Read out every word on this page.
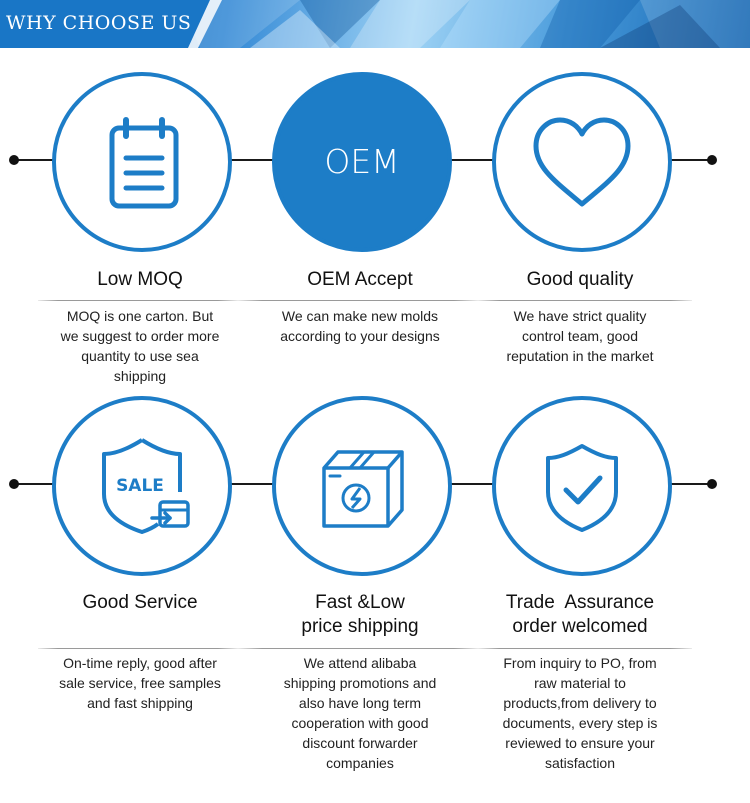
WHY CHOOSE US
Low MOQ
MOQ is one carton. But
we suggest to order more
quantity to use sea
shipping
OEM
OEM Accept
We can make new molds
according to your designs
Good quality
We have strict quality
control team, good
reputation in the market
SALE
Good Service
On-time reply, good after
sale service, free samples
and fast shipping
Fast &Low
price shipping
We attend alibaba
shipping promotions and
also have long term
cooperation with good
discount forwarder
companies
Trade  Assurance
order welcomed
From inquiry to PO, from
raw material to
products,from delivery to
documents, every step is
reviewed to ensure your
satisfaction
